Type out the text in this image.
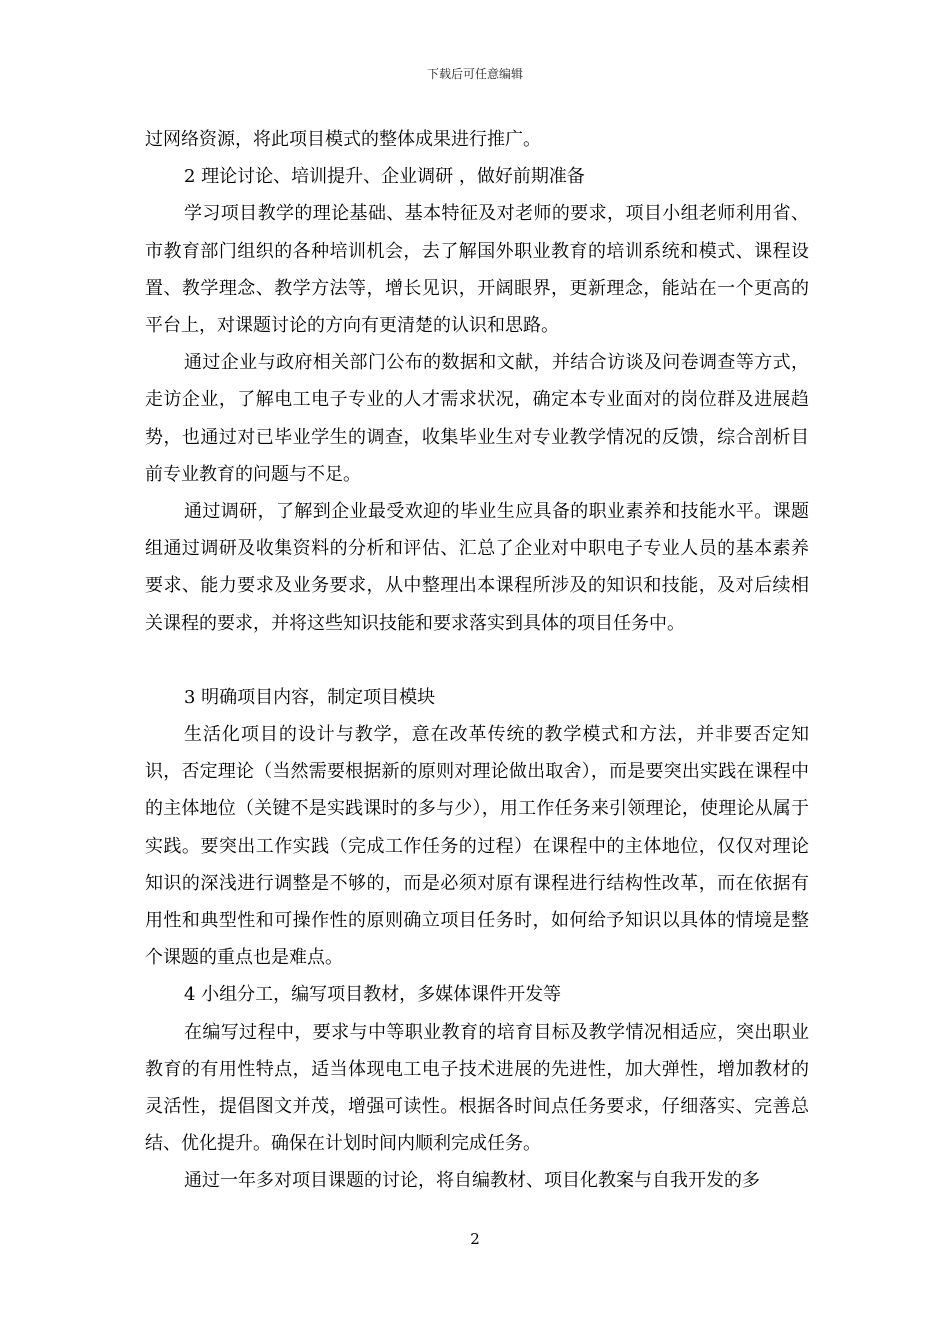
下载后可任意编辑

过网络资源，将此项目模式的整体成果进行推广。

2 理论讨论、培训提升、企业调研 ，做好前期准备

学习项目教学的理论基础、基本特征及对老师的要求，项目小组老师利用省、市教育部门组织的各种培训机会，去了解国外职业教育的培训系统和模式、课程设置、教学理念、教学方法等，增长见识，开阔眼界，更新理念，能站在一个更高的平台上，对课题讨论的方向有更清楚的认识和思路。

通过企业与政府相关部门公布的数据和文献，并结合访谈及问卷调查等方式，走访企业，了解电工电子专业的人才需求状况，确定本专业面对的岗位群及进展趋势，也通过对已毕业学生的调查，收集毕业生对专业教学情况的反馈，综合剖析目前专业教育的问题与不足。

通过调研，了解到企业最受欢迎的毕业生应具备的职业素养和技能水平。课题组通过调研及收集资料的分析和评估、汇总了企业对中职电子专业人员的基本素养要求、能力要求及业务要求，从中整理出本课程所涉及的知识和技能，及对后续相关课程的要求，并将这些知识技能和要求落实到具体的项目任务中。

3 明确项目内容，制定项目模块

生活化项目的设计与教学，意在改革传统的教学模式和方法，并非要否定知识，否定理论（当然需要根据新的原则对理论做出取舍），而是要突出实践在课程中的主体地位（关键不是实践课时的多与少），用工作任务来引领理论，使理论从属于实践。要突出工作实践（完成工作任务的过程）在课程中的主体地位，仅仅对理论知识的深浅进行调整是不够的，而是必须对原有课程进行结构性改革，而在依据有用性和典型性和可操作性的原则确立项目任务时，如何给予知识以具体的情境是整个课题的重点也是难点。

4 小组分工，编写项目教材，多媒体课件开发等

在编写过程中，要求与中等职业教育的培育目标及教学情况相适应，突出职业教育的有用性特点，适当体现电工电子技术进展的先进性，加大弹性，增加教材的灵活性，提倡图文并茂，增强可读性。根据各时间点任务要求，仔细落实、完善总结、优化提升。确保在计划时间内顺利完成任务。

通过一年多对项目课题的讨论，将自编教材、项目化教案与自我开发的多

2
